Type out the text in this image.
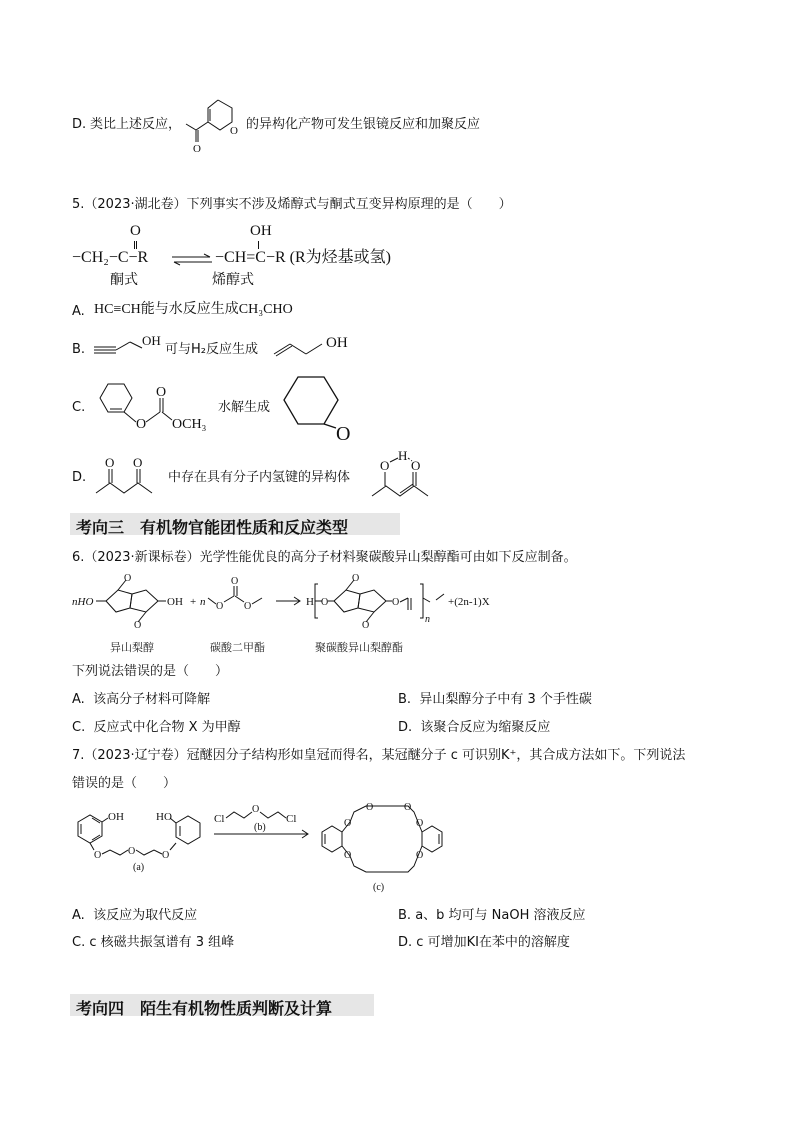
D. 类比上述反应，	O
O
的异构化产物可发生银镜反应和加聚反应
5.（2023·湖北卷）下列事实不涉及烯醇式与酮式互变异构原理的是（　　）
O
−CH₂−C−R
OH
−CH=C−R (R为烃基或氢)
酮式	烯醇式
A. HC≡CH能与水反应生成CH₃CHO
B.
OH
可与H₂反应生成	OH
C.
O
O
OCH₃
水解生成
O
D.
O O
中存在具有分子内氢键的异构体
O
H
O
考向三　有机物官能团性质和反应类型
6.（2023·新课标卷）光学性能优良的高分子材料聚碳酸异山梨醇酯可由如下反应制备。
nHO
O
O
OH + n O
O
O	H O
O
O
O
n
+(2n-1)X
异山梨醇	碳酸二甲酯	聚碳酸异山梨醇酯
下列说法错误的是（　　）
A. 该高分子材料可降解	B. 异山梨醇分子中有 3 个手性碳
C. 反应式中化合物 X 为甲醇	D. 该聚合反应为缩聚反应
7.（2023·辽宁卷）冠醚因分子结构形如皇冠而得名，某冠醚分子 c 可识别K⁺，其合成方法如下。下列说法
错误的是（　　）
OH	HO
O	O	O
(a)
Cl
O
Cl
(b)	O
O	O
O
O	O
(c)
A. 该反应为取代反应	B. a、b 均可与 NaOH 溶液反应
C. c 核磁共振氢谱有 3 组峰	D. c 可增加KI在苯中的溶解度
考向四　陌生有机物性质判断及计算
